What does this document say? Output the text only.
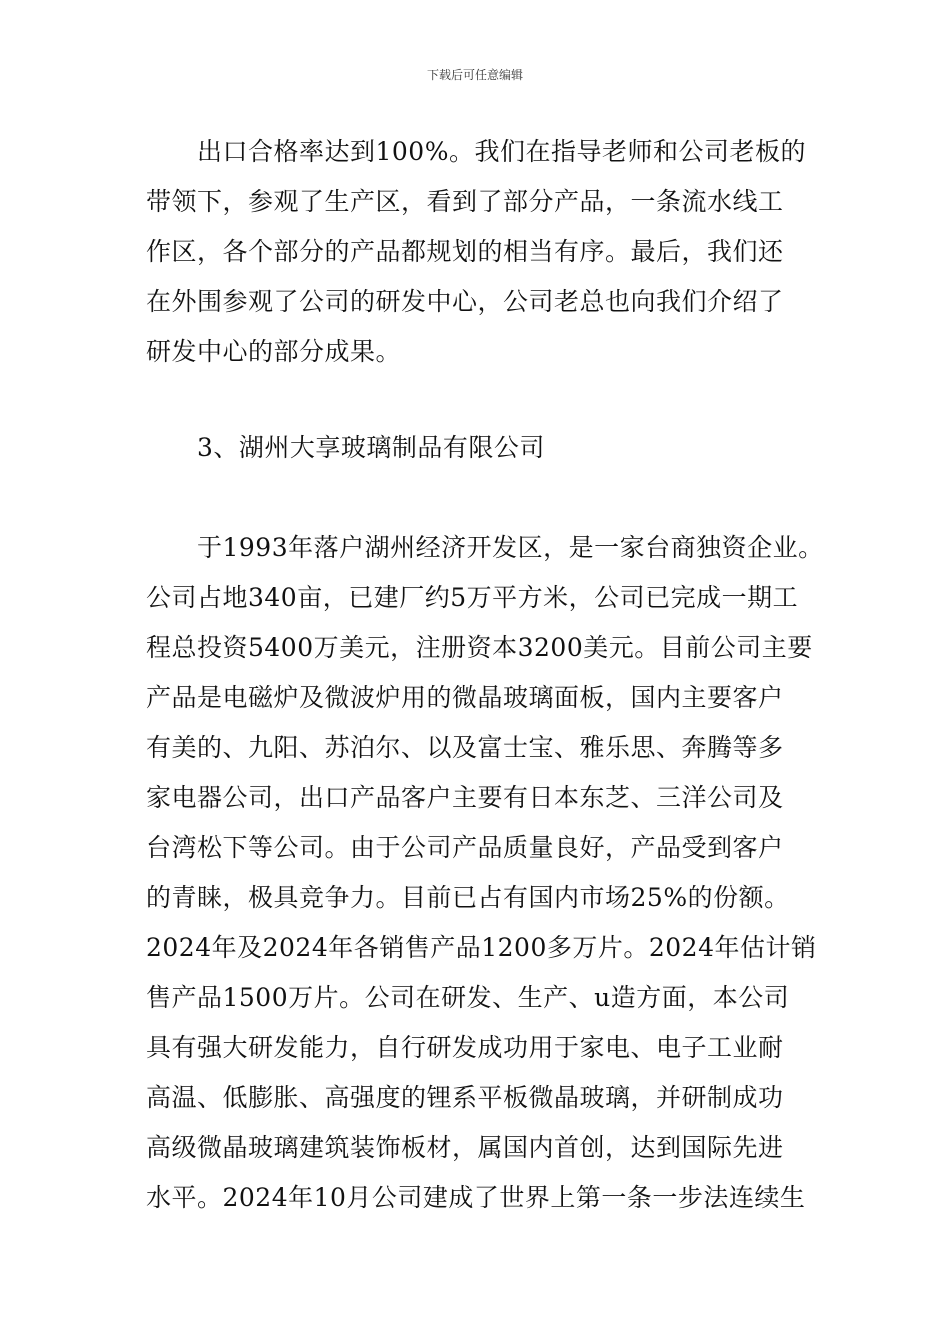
下载后可任意编辑
　　出口合格率达到100%。我们在指导老师和公司老板的
带领下，参观了生产区，看到了部分产品，一条流水线工
作区，各个部分的产品都规划的相当有序。最后，我们还
在外围参观了公司的研发中心，公司老总也向我们介绍了
研发中心的部分成果。
　　3、湖州大享玻璃制品有限公司
　　于1993年落户湖州经济开发区，是一家台商独资企业。
公司占地340亩，已建厂约5万平方米，公司已完成一期工
程总投资5400万美元，注册资本3200美元。目前公司主要
产品是电磁炉及微波炉用的微晶玻璃面板，国内主要客户
有美的、九阳、苏泊尔、以及富士宝、雅乐思、奔腾等多
家电器公司，出口产品客户主要有日本东芝、三洋公司及
台湾松下等公司。由于公司产品质量良好，产品受到客户
的青睐，极具竞争力。目前已占有国内市场25%的份额。
2024年及2024年各销售产品1200多万片。2024年估计销
售产品1500万片。公司在研发、生产、u造方面，本公司
具有强大研发能力，自行研发成功用于家电、电子工业耐
高温、低膨胀、高强度的锂系平板微晶玻璃，并研制成功
高级微晶玻璃建筑装饰板材，属国内首创，达到国际先进
水平。2024年10月公司建成了世界上第一条一步法连续生
